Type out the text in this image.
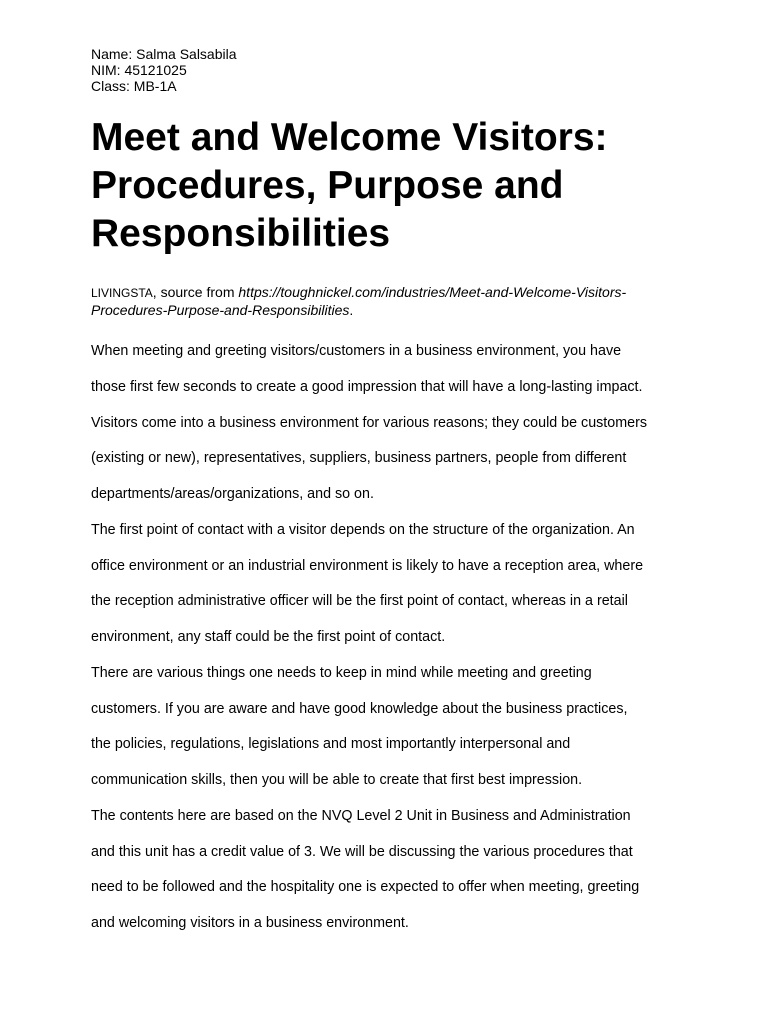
Name: Salma Salsabila
NIM: 45121025
Class: MB-1A
Meet and Welcome Visitors:
Procedures, Purpose and
Responsibilities
LIVINGSTA, source from https://toughnickel.com/industries/Meet-and-Welcome-Visitors-
Procedures-Purpose-and-Responsibilities.
When meeting and greeting visitors/customers in a business environment, you have
those first few seconds to create a good impression that will have a long-lasting impact.
Visitors come into a business environment for various reasons; they could be customers
(existing or new), representatives, suppliers, business partners, people from different
departments/areas/organizations, and so on.
The first point of contact with a visitor depends on the structure of the organization. An
office environment or an industrial environment is likely to have a reception area, where
the reception administrative officer will be the first point of contact, whereas in a retail
environment, any staff could be the first point of contact.
There are various things one needs to keep in mind while meeting and greeting
customers. If you are aware and have good knowledge about the business practices,
the policies, regulations, legislations and most importantly interpersonal and
communication skills, then you will be able to create that first best impression.
The contents here are based on the NVQ Level 2 Unit in Business and Administration
and this unit has a credit value of 3. We will be discussing the various procedures that
need to be followed and the hospitality one is expected to offer when meeting, greeting
and welcoming visitors in a business environment.
